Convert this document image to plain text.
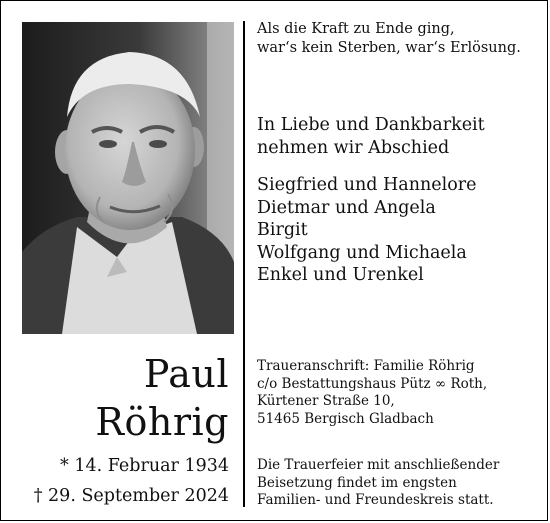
Paul
Röhrig
* 14. Februar 1934
† 29. September 2024
Als die Kraft zu Ende ging,
war‘s kein Sterben, war‘s Erlösung.
In Liebe und Dankbarkeit
nehmen wir Abschied
Siegfried und Hannelore
Dietmar und Angela
Birgit
Wolfgang und Michaela
Enkel und Urenkel
Traueranschrift: Familie Röhrig
c/o Bestattungshaus Pütz ∞ Roth,
Kürtener Straße 10,
51465 Bergisch Gladbach
Die Trauerfeier mit anschließender
Beisetzung findet im engsten
Familien- und Freundeskreis statt.
